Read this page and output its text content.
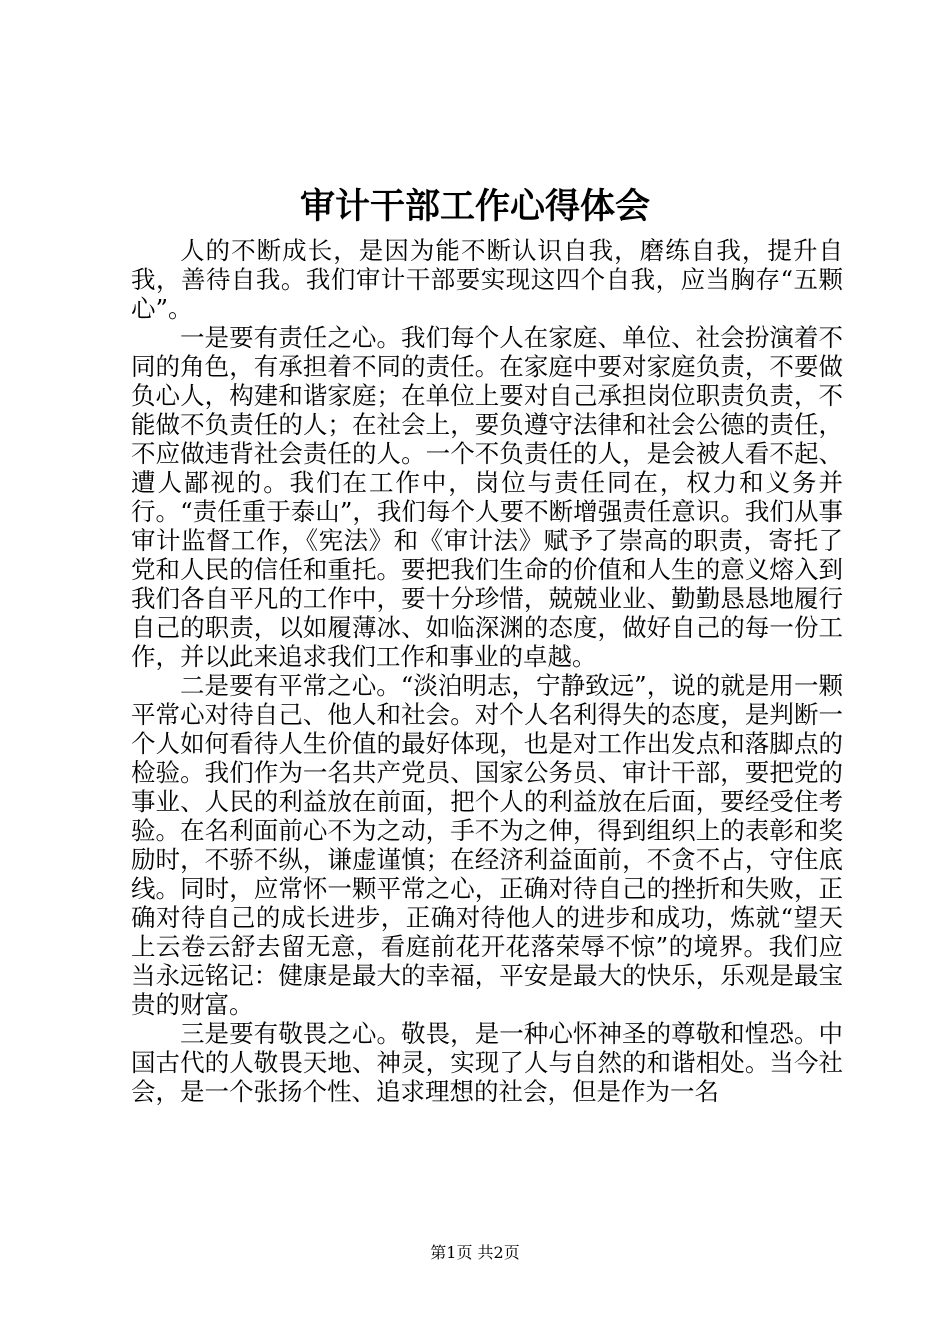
审计干部工作心得体会

人的不断成长，是因为能不断认识自我，磨练自我，提升自我，善待自我。我们审计干部要实现这四个自我，应当胸存“五颗心”。

一是要有责任之心。我们每个人在家庭、单位、社会扮演着不同的角色，有承担着不同的责任。在家庭中要对家庭负责，不要做负心人，构建和谐家庭；在单位上要对自己承担岗位职责负责，不能做不负责任的人；在社会上，要负遵守法律和社会公德的责任，不应做违背社会责任的人。一个不负责任的人，是会被人看不起、遭人鄙视的。我们在工作中，岗位与责任同在，权力和义务并行。“责任重于泰山”，我们每个人要不断增强责任意识。我们从事审计监督工作，《宪法》和《审计法》赋予了崇高的职责，寄托了党和人民的信任和重托。要把我们生命的价值和人生的意义熔入到我们各自平凡的工作中，要十分珍惜，兢兢业业、勤勤恳恳地履行自己的职责，以如履薄冰、如临深渊的态度，做好自己的每一份工作，并以此来追求我们工作和事业的卓越。

二是要有平常之心。“淡泊明志，宁静致远”，说的就是用一颗平常心对待自己、他人和社会。对个人名利得失的态度，是判断一个人如何看待人生价值的最好体现，也是对工作出发点和落脚点的检验。我们作为一名共产党员、国家公务员、审计干部，要把党的事业、人民的利益放在前面，把个人的利益放在后面，要经受住考验。在名利面前心不为之动，手不为之伸，得到组织上的表彰和奖励时，不骄不纵，谦虚谨慎；在经济利益面前，不贪不占，守住底线。同时，应常怀一颗平常之心，正确对待自己的挫折和失败，正确对待自己的成长进步，正确对待他人的进步和成功，炼就“望天上云卷云舒去留无意，看庭前花开花落荣辱不惊”的境界。我们应当永远铭记：健康是最大的幸福，平安是最大的快乐，乐观是最宝贵的财富。

三是要有敬畏之心。敬畏，是一种心怀神圣的尊敬和惶恐。中国古代的人敬畏天地、神灵，实现了人与自然的和谐相处。当今社会，是一个张扬个性、追求理想的社会，但是作为一名

第1页 共2页
